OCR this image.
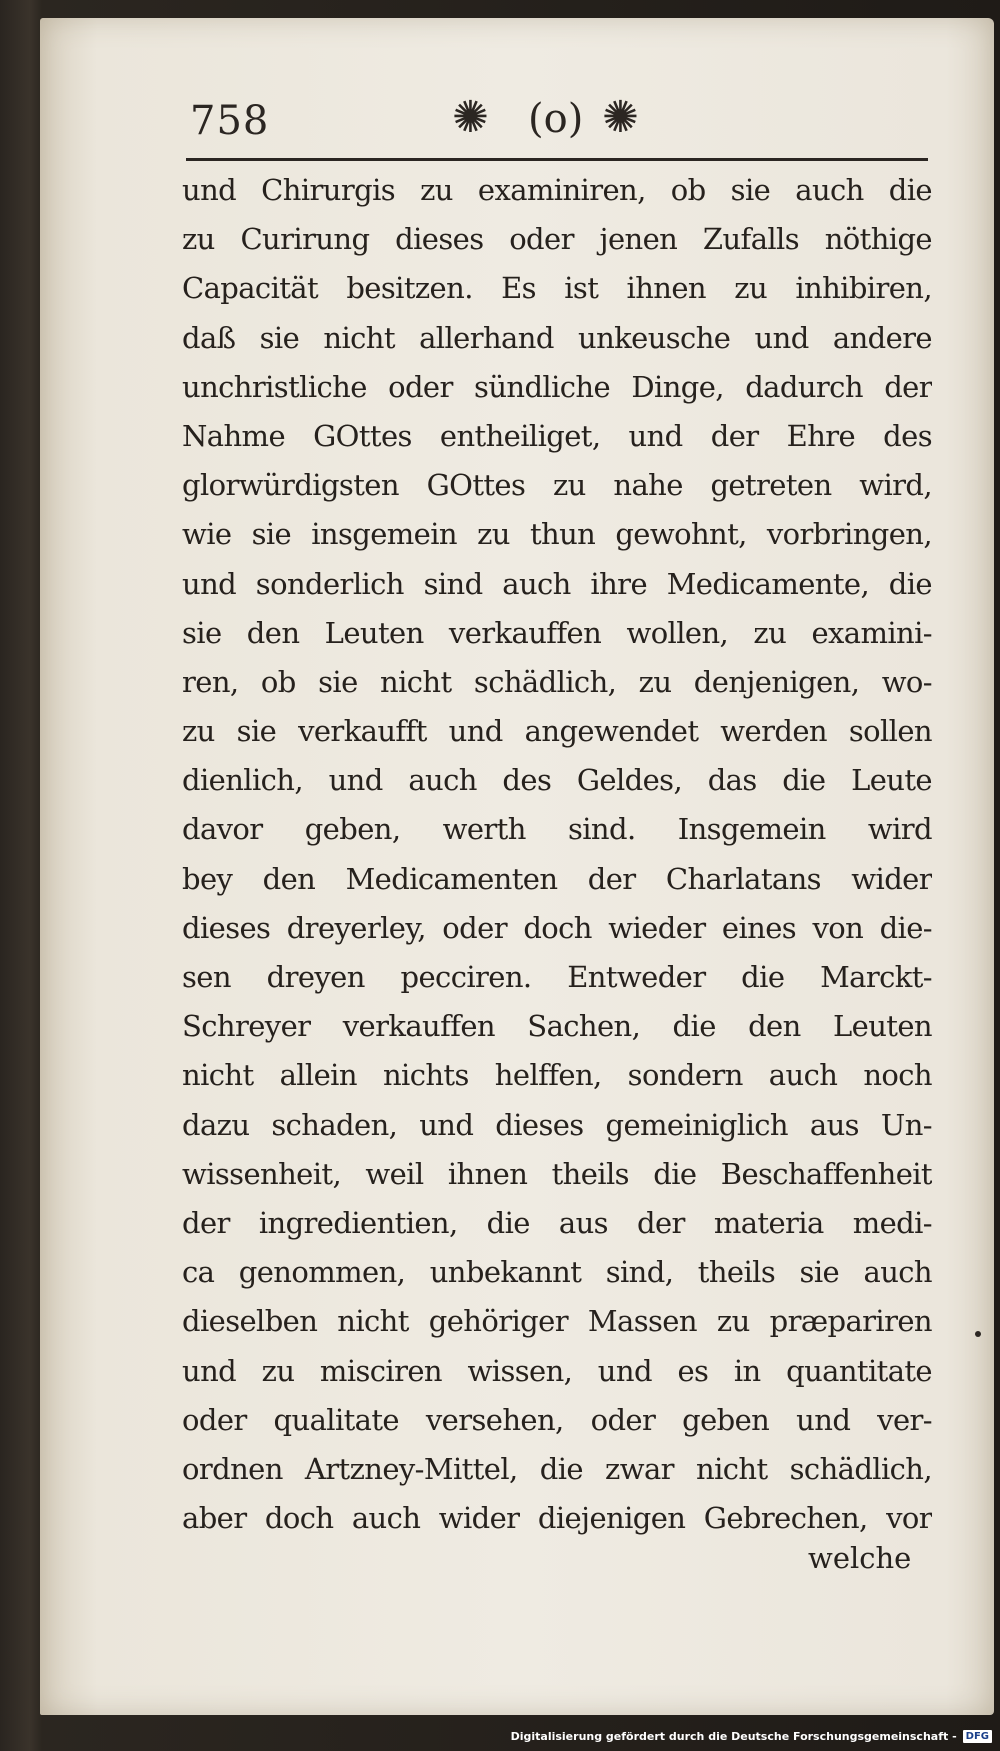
758	✺ (o) ✺
und Chirurgis zu examiniren, ob sie auch die
zu Curirung dieses oder jenen Zufalls nöthige
Capacität besitzen. Es ist ihnen zu inhibiren,
daß sie nicht allerhand unkeusche und andere
unchristliche oder sündliche Dinge, dadurch der
Nahme GOttes entheiliget, und der Ehre des
glorwürdigsten GOttes zu nahe getreten wird,
wie sie insgemein zu thun gewohnt, vorbringen,
und sonderlich sind auch ihre Medicamente, die
sie den Leuten verkauffen wollen, zu examini-
ren, ob sie nicht schädlich, zu denjenigen, wo-
zu sie verkaufft und angewendet werden sollen
dienlich, und auch des Geldes, das die Leute
davor geben, werth sind. Insgemein wird
bey den Medicamenten der Charlatans wider
dieses dreyerley, oder doch wieder eines von die-
sen dreyen pecciren. Entweder die Marckt-
Schreyer verkauffen Sachen, die den Leuten
nicht allein nichts helffen, sondern auch noch
dazu schaden, und dieses gemeiniglich aus Un-
wissenheit, weil ihnen theils die Beschaffenheit
der ingredientien, die aus der materia medi-
ca genommen, unbekannt sind, theils sie auch
dieselben nicht gehöriger Massen zu præpariren
und zu misciren wissen, und es in quantitate
oder qualitate versehen, oder geben und ver-
ordnen Artzney-Mittel, die zwar nicht schädlich,
aber doch auch wider diejenigen Gebrechen, vor
welche
Digitalisierung gefördert durch die Deutsche Forschungsgemeinschaft - DFG
